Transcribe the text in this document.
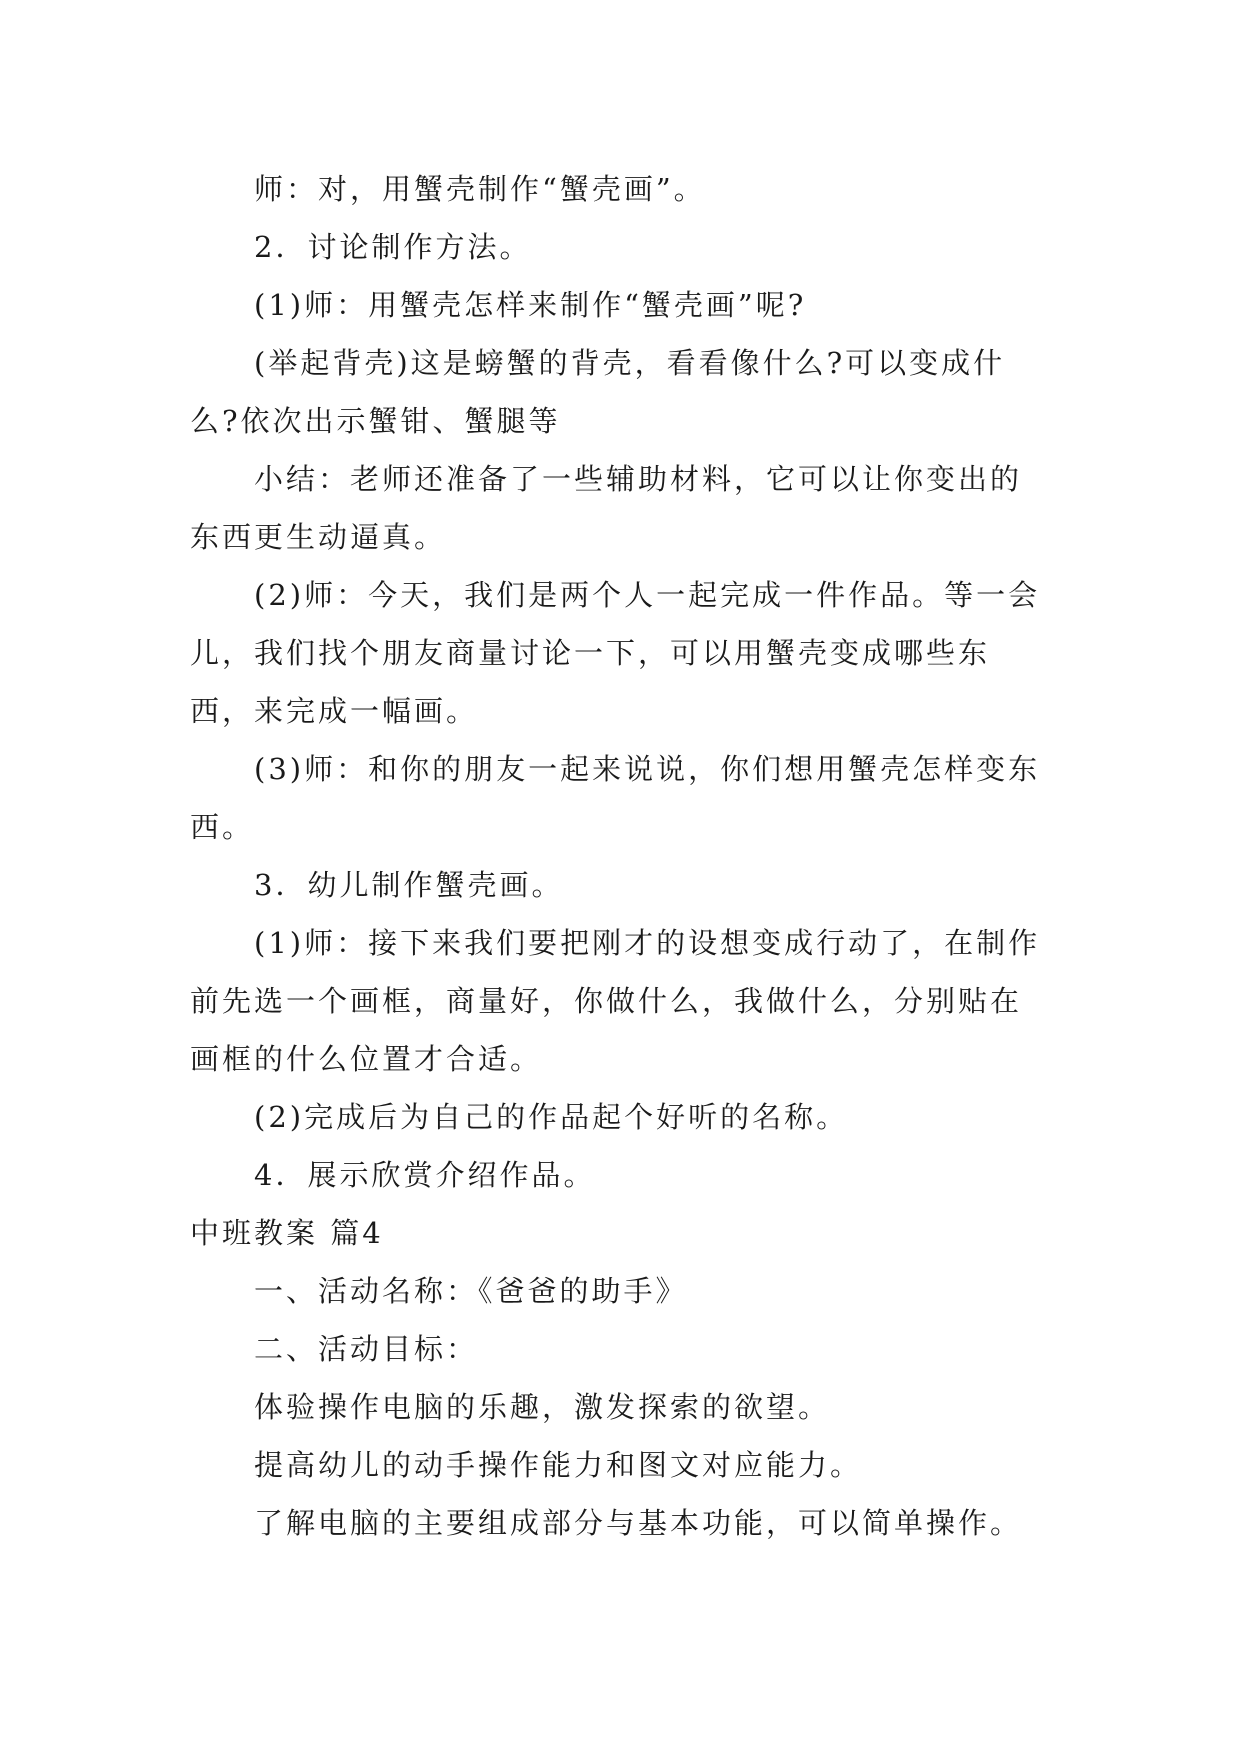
师：对，用蟹壳制作“蟹壳画”。

2．讨论制作方法。

(1)师：用蟹壳怎样来制作“蟹壳画”呢?

(举起背壳)这是螃蟹的背壳，看看像什么?可以变成什么?依次出示蟹钳、蟹腿等

小结：老师还准备了一些辅助材料，它可以让你变出的东西更生动逼真。

(2)师：今天，我们是两个人一起完成一件作品。等一会儿，我们找个朋友商量讨论一下，可以用蟹壳变成哪些东西，来完成一幅画。

(3)师：和你的朋友一起来说说，你们想用蟹壳怎样变东西。

3．幼儿制作蟹壳画。

(1)师：接下来我们要把刚才的设想变成行动了，在制作前先选一个画框，商量好，你做什么，我做什么，分别贴在画框的什么位置才合适。

(2)完成后为自己的作品起个好听的名称。

4．展示欣赏介绍作品。

中班教案 篇4

一、活动名称：《爸爸的助手》

二、活动目标：

体验操作电脑的乐趣，激发探索的欲望。

提高幼儿的动手操作能力和图文对应能力。

了解电脑的主要组成部分与基本功能，可以简单操作。
